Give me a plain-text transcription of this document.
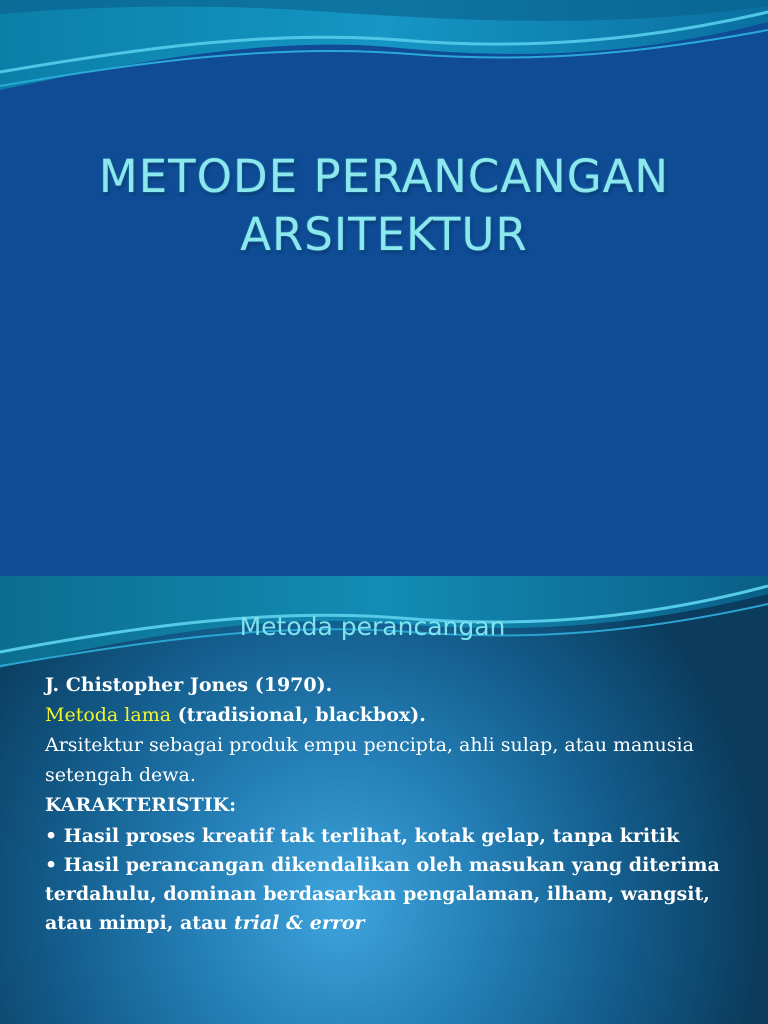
METODE PERANCANGAN
ARSITEKTUR
Metoda perancangan

J. Chistopher Jones (1970).

Metoda lama (tradisional, blackbox).

Arsitektur sebagai produk empu pencipta, ahli sulap, atau manusia setengah dewa.

KARAKTERISTIK:

• Hasil proses kreatif tak terlihat, kotak gelap, tanpa kritik

• Hasil perancangan dikendalikan oleh masukan yang diterima

terdahulu, dominan berdasarkan pengalaman, ilham, wangsit,

atau mimpi, atau trial & error
